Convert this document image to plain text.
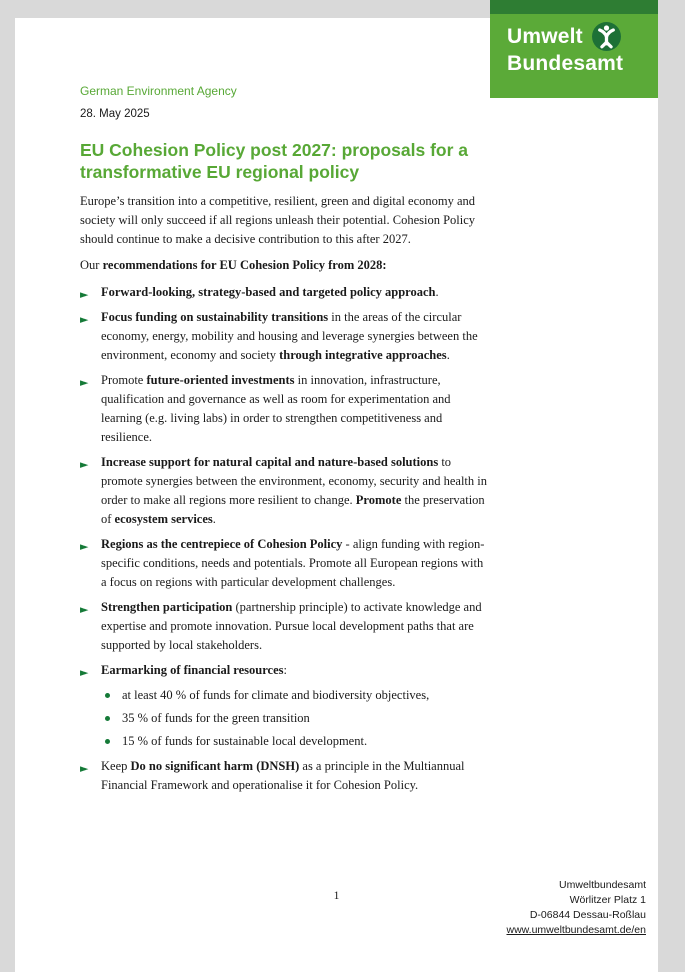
German Environment Agency
28. May 2025
EU Cohesion Policy post 2027: proposals for a transformative EU regional policy

Europe’s transition into a competitive, resilient, green and digital economy and society will only succeed if all regions unleash their potential. Cohesion Policy should continue to make a decisive contribution to this after 2027.

Our recommendations for EU Cohesion Policy from 2028:

► Forward-looking, strategy-based and targeted policy approach.
► Focus funding on sustainability transitions in the areas of the circular economy, energy, mobility and housing and leverage synergies between the environment, economy and society through integrative approaches.
► Promote future-oriented investments in innovation, infrastructure, qualification and governance as well as room for experimentation and learning (e.g. living labs) in order to strengthen competitiveness and resilience.
► Increase support for natural capital and nature-based solutions to promote synergies between the environment, economy, security and health in order to make all regions more resilient to change. Promote the preservation of ecosystem services.
► Regions as the centrepiece of Cohesion Policy - align funding with region-specific conditions, needs and potentials. Promote all European regions with a focus on regions with particular development challenges.
► Strengthen participation (partnership principle) to activate knowledge and expertise and promote innovation. Pursue local development paths that are supported by local stakeholders.
► Earmarking of financial resources:
at least 40 % of funds for climate and biodiversity objectives,
35 % of funds for the green transition
15 % of funds for sustainable local development.
► Keep Do no significant harm (DNSH) as a principle in the Multiannual Financial Framework and operationalise it for Cohesion Policy.
1
Umweltbundesamt
Wörlitzer Platz 1
D-06844 Dessau-Roßlau
www.umweltbundesamt.de/en
Umwelt
Bundesamt
